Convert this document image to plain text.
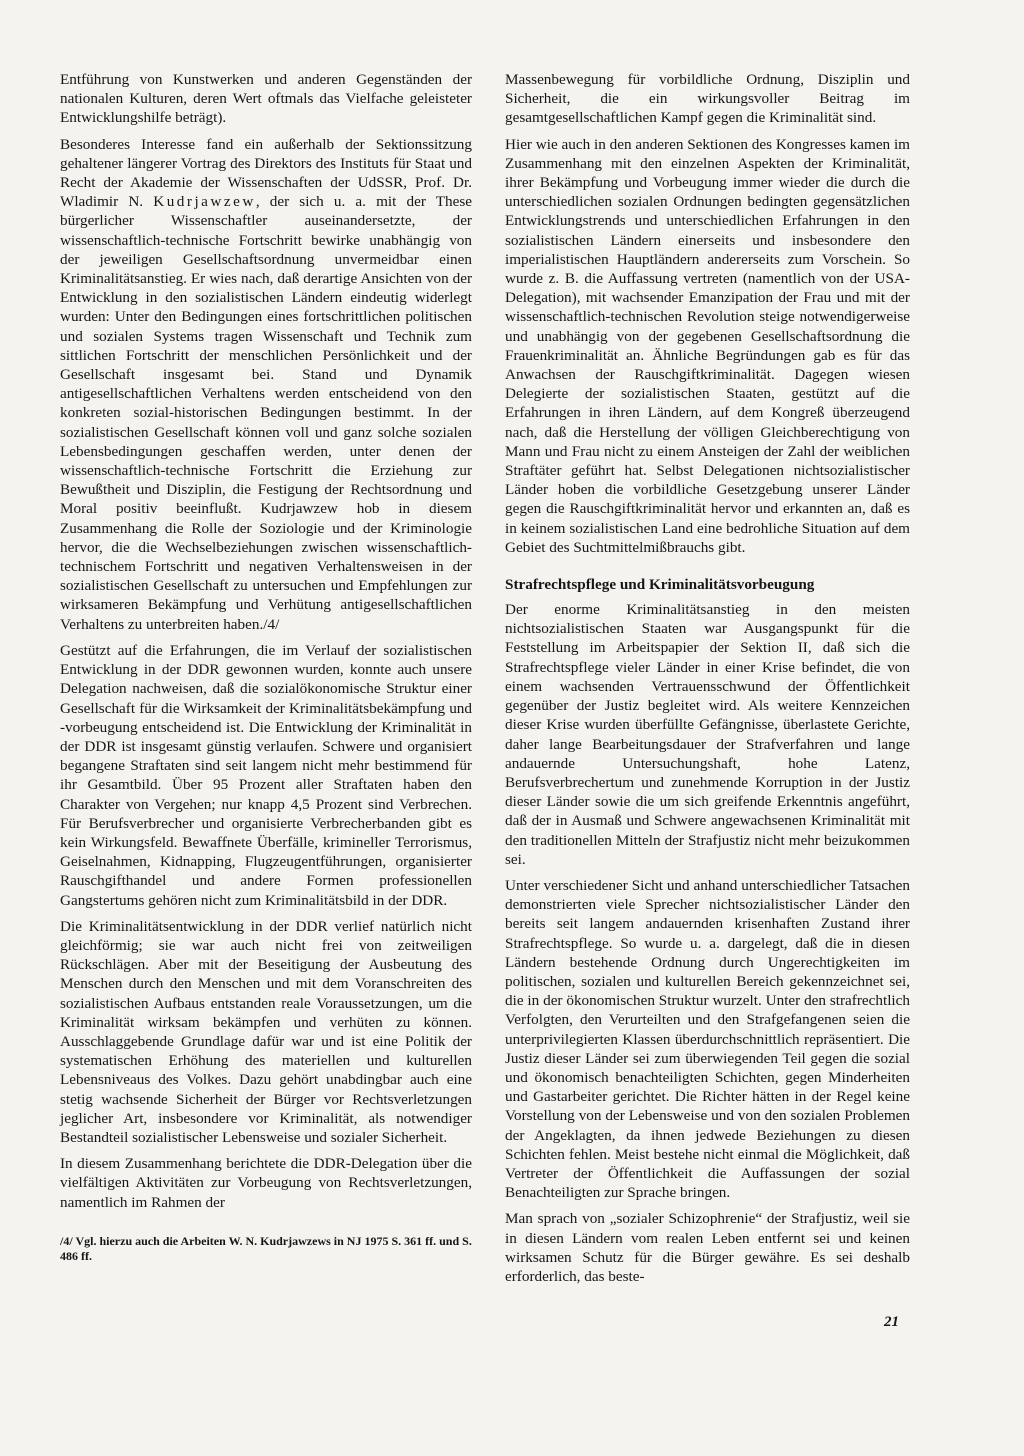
Entführung von Kunstwerken und anderen Gegenständen der nationalen Kulturen, deren Wert oftmals das Vielfache geleisteter Entwicklungshilfe beträgt).

Besonderes Interesse fand ein außerhalb der Sektionssitzung gehaltener längerer Vortrag des Direktors des Instituts für Staat und Recht der Akademie der Wissenschaften der UdSSR, Prof. Dr. Wladimir N. Kudrjawzew, der sich u. a. mit der These bürgerlicher Wissenschaftler auseinandersetzte, der wissenschaftlich-technische Fortschritt bewirke unabhängig von der jeweiligen Gesellschaftsordnung unvermeidbar einen Kriminalitätsanstieg. Er wies nach, daß derartige Ansichten von der Entwicklung in den sozialistischen Ländern eindeutig widerlegt wurden: Unter den Bedingungen eines fortschrittlichen politischen und sozialen Systems tragen Wissenschaft und Technik zum sittlichen Fortschritt der menschlichen Persönlichkeit und der Gesellschaft insgesamt bei. Stand und Dynamik antigesellschaftlichen Verhaltens werden entscheidend von den konkreten sozial-historischen Bedingungen bestimmt. In der sozialistischen Gesellschaft können voll und ganz solche sozialen Lebensbedingungen geschaffen werden, unter denen der wissenschaftlich-technische Fortschritt die Erziehung zur Bewußtheit und Disziplin, die Festigung der Rechtsordnung und Moral positiv beeinflußt. Kudrjawzew hob in diesem Zusammenhang die Rolle der Soziologie und der Kriminologie hervor, die die Wechselbeziehungen zwischen wissenschaftlich-technischem Fortschritt und negativen Verhaltensweisen in der sozialistischen Gesellschaft zu untersuchen und Empfehlungen zur wirksameren Bekämpfung und Verhütung antigesellschaftlichen Verhaltens zu unterbreiten haben./4/

Gestützt auf die Erfahrungen, die im Verlauf der sozialistischen Entwicklung in der DDR gewonnen wurden, konnte auch unsere Delegation nachweisen, daß die sozialökonomische Struktur einer Gesellschaft für die Wirksamkeit der Kriminalitätsbekämpfung und -vorbeugung entscheidend ist. Die Entwicklung der Kriminalität in der DDR ist insgesamt günstig verlaufen. Schwere und organisiert begangene Straftaten sind seit langem nicht mehr bestimmend für ihr Gesamtbild. Über 95 Prozent aller Straftaten haben den Charakter von Vergehen; nur knapp 4,5 Prozent sind Verbrechen. Für Berufsverbrecher und organisierte Verbrecherbanden gibt es kein Wirkungsfeld. Bewaffnete Überfälle, krimineller Terrorismus, Geiselnahmen, Kidnapping, Flugzeugentführungen, organisierter Rauschgifthandel und andere Formen professionellen Gangstertums gehören nicht zum Kriminalitätsbild in der DDR.

Die Kriminalitätsentwicklung in der DDR verlief natürlich nicht gleichförmig; sie war auch nicht frei von zeitweiligen Rückschlägen. Aber mit der Beseitigung der Ausbeutung des Menschen durch den Menschen und mit dem Voranschreiten des sozialistischen Aufbaus entstanden reale Voraussetzungen, um die Kriminalität wirksam bekämpfen und verhüten zu können. Ausschlaggebende Grundlage dafür war und ist eine Politik der systematischen Erhöhung des materiellen und kulturellen Lebensniveaus des Volkes. Dazu gehört unabdingbar auch eine stetig wachsende Sicherheit der Bürger vor Rechtsverletzungen jeglicher Art, insbesondere vor Kriminalität, als notwendiger Bestandteil sozialistischer Lebensweise und sozialer Sicherheit.

In diesem Zusammenhang berichtete die DDR-Delegation über die vielfältigen Aktivitäten zur Vorbeugung von Rechtsverletzungen, namentlich im Rahmen der

/4/ Vgl. hierzu auch die Arbeiten W. N. Kudrjawzews in NJ 1975 S. 361 ff. und S. 486 ff.

Massenbewegung für vorbildliche Ordnung, Disziplin und Sicherheit, die ein wirkungsvoller Beitrag im gesamtgesellschaftlichen Kampf gegen die Kriminalität sind.

Hier wie auch in den anderen Sektionen des Kongresses kamen im Zusammenhang mit den einzelnen Aspekten der Kriminalität, ihrer Bekämpfung und Vorbeugung immer wieder die durch die unterschiedlichen sozialen Ordnungen bedingten gegensätzlichen Entwicklungstrends und unterschiedlichen Erfahrungen in den sozialistischen Ländern einerseits und insbesondere den imperialistischen Hauptländern andererseits zum Vorschein. So wurde z. B. die Auffassung vertreten (namentlich von der USA-Delegation), mit wachsender Emanzipation der Frau und mit der wissenschaftlich-technischen Revolution steige notwendigerweise und unabhängig von der gegebenen Gesellschaftsordnung die Frauenkriminalität an. Ähnliche Begründungen gab es für das Anwachsen der Rauschgiftkriminalität. Dagegen wiesen Delegierte der sozialistischen Staaten, gestützt auf die Erfahrungen in ihren Ländern, auf dem Kongreß überzeugend nach, daß die Herstellung der völligen Gleichberechtigung von Mann und Frau nicht zu einem Ansteigen der Zahl der weiblichen Straftäter geführt hat. Selbst Delegationen nichtsozialistischer Länder hoben die vorbildliche Gesetzgebung unserer Länder gegen die Rauschgiftkriminalität hervor und erkannten an, daß es in keinem sozialistischen Land eine bedrohliche Situation auf dem Gebiet des Suchtmittelmißbrauchs gibt.

Strafrechtspflege und Kriminalitätsvorbeugung

Der enorme Kriminalitätsanstieg in den meisten nichtsozialistischen Staaten war Ausgangspunkt für die Feststellung im Arbeitspapier der Sektion II, daß sich die Strafrechtspflege vieler Länder in einer Krise befindet, die von einem wachsenden Vertrauensschwund der Öffentlichkeit gegenüber der Justiz begleitet wird. Als weitere Kennzeichen dieser Krise wurden überfüllte Gefängnisse, überlastete Gerichte, daher lange Bearbeitungsdauer der Strafverfahren und lange andauernde Untersuchungshaft, hohe Latenz, Berufsverbrechertum und zunehmende Korruption in der Justiz dieser Länder sowie die um sich greifende Erkenntnis angeführt, daß der in Ausmaß und Schwere angewachsenen Kriminalität mit den traditionellen Mitteln der Strafjustiz nicht mehr beizukommen sei.

Unter verschiedener Sicht und anhand unterschiedlicher Tatsachen demonstrierten viele Sprecher nichtsozialistischer Länder den bereits seit langem andauernden krisenhaften Zustand ihrer Strafrechtspflege. So wurde u. a. dargelegt, daß die in diesen Ländern bestehende Ordnung durch Ungerechtigkeiten im politischen, sozialen und kulturellen Bereich gekennzeichnet sei, die in der ökonomischen Struktur wurzelt. Unter den strafrechtlich Verfolgten, den Verurteilten und den Strafgefangenen seien die unterprivilegierten Klassen überdurchschnittlich repräsentiert. Die Justiz dieser Länder sei zum überwiegenden Teil gegen die sozial und ökonomisch benachteiligten Schichten, gegen Minderheiten und Gastarbeiter gerichtet. Die Richter hätten in der Regel keine Vorstellung von der Lebensweise und von den sozialen Problemen der Angeklagten, da ihnen jedwede Beziehungen zu diesen Schichten fehlen. Meist bestehe nicht einmal die Möglichkeit, daß Vertreter der Öffentlichkeit die Auffassungen der sozial Benachteiligten zur Sprache bringen.

Man sprach von „sozialer Schizophrenie“ der Strafjustiz, weil sie in diesen Ländern vom realen Leben entfernt sei und keinen wirksamen Schutz für die Bürger gewähre. Es sei deshalb erforderlich, das beste-

21
